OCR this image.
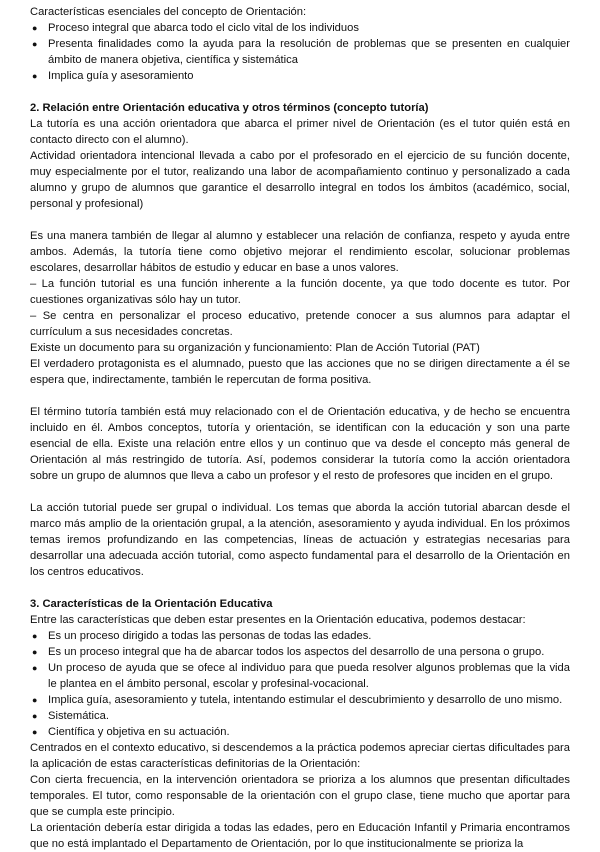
Características esenciales del concepto de Orientación:

● Proceso integral que abarca todo el ciclo vital de los individuos
● Presenta finalidades como la ayuda para la resolución de problemas que se presenten en cualquier ámbito de manera objetiva, científica y sistemática
● Implica guía y asesoramiento

2. Relación entre Orientación educativa y otros términos (concepto tutoría)

La tutoría es una acción orientadora que abarca el primer nivel de Orientación (es el tutor quién está en contacto directo con el alumno).

Actividad orientadora intencional llevada a cabo por el profesorado en el ejercicio de su función docente, muy especialmente por el tutor, realizando una labor de acompañamiento continuo y personalizado a cada alumno y grupo de alumnos que garantice el desarrollo integral en todos los ámbitos (académico, social, personal y profesional)

Es una manera también de llegar al alumno y establecer una relación de confianza, respeto y ayuda entre ambos. Además, la tutoría tiene como objetivo mejorar el rendimiento escolar, solucionar problemas escolares, desarrollar hábitos de estudio y educar en base a unos valores.

– La función tutorial es una función inherente a la función docente, ya que todo docente es tutor. Por cuestiones organizativas sólo hay un tutor.

– Se centra en personalizar el proceso educativo, pretende conocer a sus alumnos para adaptar el currículum a sus necesidades concretas.

Existe un documento para su organización y funcionamiento: Plan de Acción Tutorial (PAT)

El verdadero protagonista es el alumnado, puesto que las acciones que no se dirigen directamente a él se espera que, indirectamente, también le repercutan de forma positiva.

El término tutoría también está muy relacionado con el de Orientación educativa, y de hecho se encuentra incluido en él. Ambos conceptos, tutoría y orientación, se identifican con la educación y son una parte esencial de ella. Existe una relación entre ellos y un continuo que va desde el concepto más general de Orientación al más restringido de tutoría. Así, podemos considerar la tutoría como la acción orientadora sobre un grupo de alumnos que lleva a cabo un profesor y el resto de profesores que inciden en el grupo.

La acción tutorial puede ser grupal o individual. Los temas que aborda la acción tutorial abarcan desde el marco más amplio de la orientación grupal, a la atención, asesoramiento y ayuda individual. En los próximos temas iremos profundizando en las competencias, líneas de actuación y estrategias necesarias para desarrollar una adecuada acción tutorial, como aspecto fundamental para el desarrollo de la Orientación en los centros educativos.

3. Características de la Orientación Educativa

Entre las características que deben estar presentes en la Orientación educativa, podemos destacar:

● Es un proceso dirigido a todas las personas de todas las edades.
● Es un proceso integral que ha de abarcar todos los aspectos del desarrollo de una persona o grupo.
● Un proceso de ayuda que se ofece al individuo para que pueda resolver algunos problemas que la vida le plantea en el ámbito personal, escolar y profesinal-vocacional.
● Implica guía, asesoramiento y tutela, intentando estimular el descubrimiento y desarrollo de uno mismo.
● Sistemática.
● Científica y objetiva en su actuación.

Centrados en el contexto educativo, si descendemos a la práctica podemos apreciar ciertas dificultades para la aplicación de estas características definitorias de la Orientación:

Con cierta frecuencia, en la intervención orientadora se prioriza a los alumnos que presentan dificultades temporales. El tutor, como responsable de la orientación con el grupo clase, tiene mucho que aportar para que se cumpla este principio.

La orientación debería estar dirigida a todas las edades, pero en Educación Infantil y Primaria encontramos que no está implantado el Departamento de Orientación, por lo que institucionalmente se prioriza la
